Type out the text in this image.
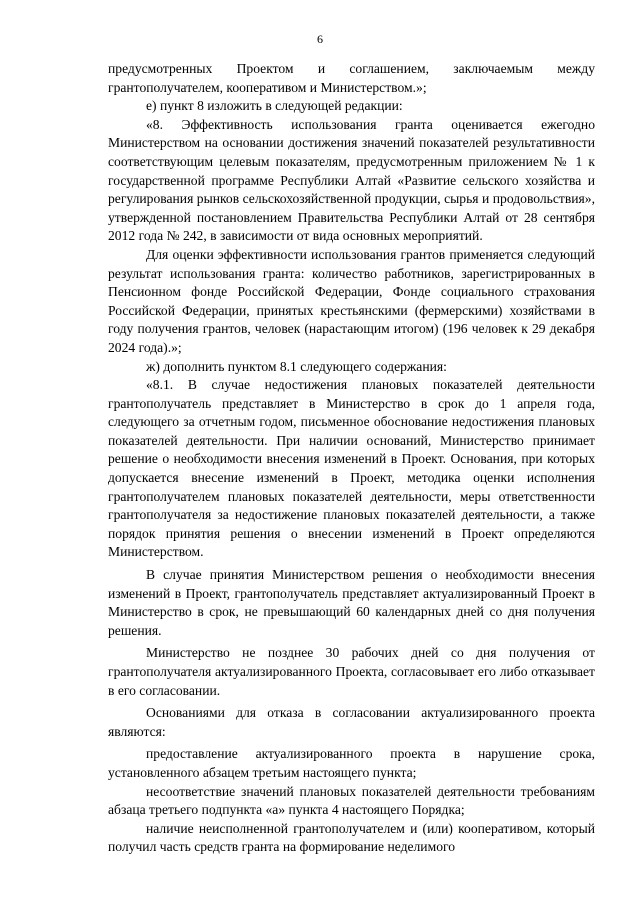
6

предусмотренных Проектом и соглашением, заключаемым между грантополучателем, кооперативом и Министерством.»;

е) пункт 8 изложить в следующей редакции:

«8. Эффективность использования гранта оценивается ежегодно Министерством на основании достижения значений показателей результативности соответствующим целевым показателям, предусмотренным приложением № 1 к государственной программе Республики Алтай «Развитие сельского хозяйства и регулирования рынков сельскохозяйственной продукции, сырья и продовольствия», утвержденной постановлением Правительства Республики Алтай от 28 сентября 2012 года № 242, в зависимости от вида основных мероприятий.

Для оценки эффективности использования грантов применяется следующий результат использования гранта: количество работников, зарегистрированных в Пенсионном фонде Российской Федерации, Фонде социального страхования Российской Федерации, принятых крестьянскими (фермерскими) хозяйствами в году получения грантов, человек (нарастающим итогом) (196 человек к 29 декабря 2024 года).»;

ж) дополнить пунктом 8.1 следующего содержания:

«8.1. В случае недостижения плановых показателей деятельности грантополучатель представляет в Министерство в срок до 1 апреля года, следующего за отчетным годом, письменное обоснование недостижения плановых показателей деятельности. При наличии оснований, Министерство принимает решение о необходимости внесения изменений в Проект. Основания, при которых допускается внесение изменений в Проект, методика оценки исполнения грантополучателем плановых показателей деятельности, меры ответственности грантополучателя за недостижение плановых показателей деятельности, а также порядок принятия решения о внесении изменений в Проект определяются Министерством.

В случае принятия Министерством решения о необходимости внесения изменений в Проект, грантополучатель представляет актуализированный Проект в Министерство в срок, не превышающий 60 календарных дней со дня получения решения.

Министерство не позднее 30 рабочих дней со дня получения от грантополучателя актуализированного Проекта, согласовывает его либо отказывает в его согласовании.

Основаниями для отказа в согласовании актуализированного проекта являются:

предоставление актуализированного проекта в нарушение срока, установленного абзацем третьим настоящего пункта;

несоответствие значений плановых показателей деятельности требованиям абзаца третьего подпункта «а» пункта 4 настоящего Порядка;

наличие неисполненной грантополучателем и (или) кооперативом, который получил часть средств гранта на формирование неделимого
